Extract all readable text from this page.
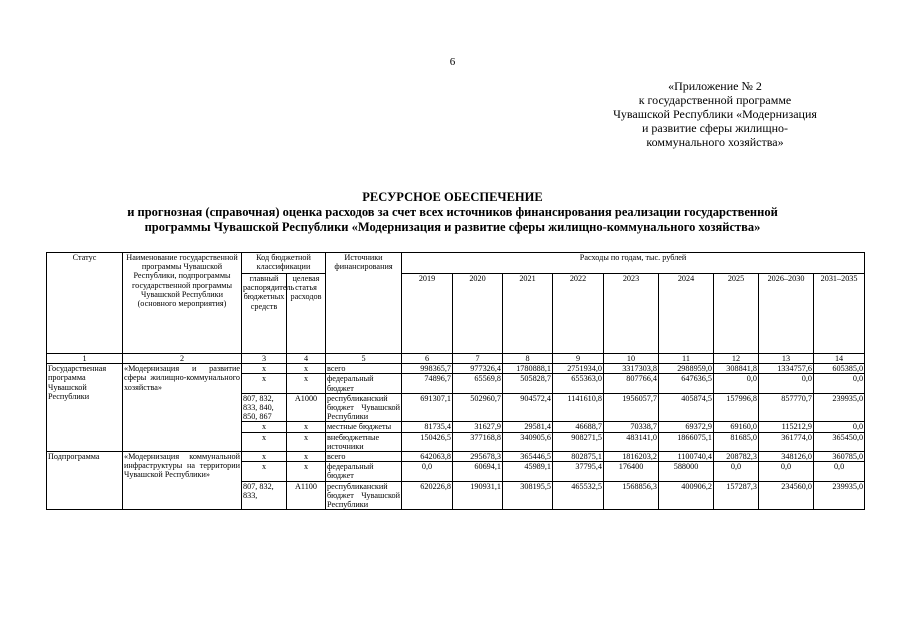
6
«Приложение № 2
к государственной программе
Чувашской Республики «Модернизация
и развитие сферы жилищно-
коммунального хозяйства»
РЕСУРСНОЕ ОБЕСПЕЧЕНИЕ
и прогнозная (справочная) оценка расходов за счет всех источников финансирования реализации государственной
программы Чувашской Республики «Модернизация и развитие сферы жилищно-коммунального хозяйства»
Статус	Наименование государственной программы Чувашской Республики, подпрограммы государственной программы Чувашской Республики (основного мероприятия)	Код бюджетной классификации		Источники финансирования	Расходы по годам, тыс. рублей								
		главный распорядитель бюджетных средств	целевая статья расходов		2019	2020	2021	2022	2023	2024	2025	2026–2030	2031–2035
1	2	3	4	5	6	7	8	9	10	11	12	13	14
Государственная программа Чувашской Республики	«Модернизация и развитие сферы жилищно-коммунального хозяйства»	x	x	всего	998365,7	977326,4	1780888,1	2751934,0	3317303,8	2988959,0	308841,8	1334757,6	605385,0
		x	x	федеральный бюджет	74896,7	65569,8	505828,7	655363,0	807766,4	647636,5	0,0	0,0	0,0
		807, 832, 833, 840, 850, 867	A1000	республиканский бюджет Чувашской Республики	691307,1	502960,7	904572,4	1141610,8	1956057,7	405874,5	157996,8	857770,7	239935,0
		x	x	местные бюджеты	81735,4	31627,9	29581,4	46688,7	70338,7	69372,9	69160,0	115212,9	0,0
		x	x	внебюджетные источники	150426,5	377168,8	340905,6	908271,5	483141,0	1866075,1	81685,0	361774,0	365450,0
Подпрограмма	«Модернизация коммунальной инфраструктуры на территории Чувашской Республики»	x	x	всего	642063,8	295678,3	365446,5	802875,1	1816203,2	1100740,4	208782,3	348126,0	360785,0
		x	x	федеральный бюджет	0,0	60694,1	45989,1	37795,4	176400	588000	0,0	0,0	0,0
		807, 832, 833,	A1100	республиканский бюджет Чувашской Республики	620226,8	190931,1	308195,5	465532,5	1568856,3	400906,2	157287,3	234560,0	239935,0
